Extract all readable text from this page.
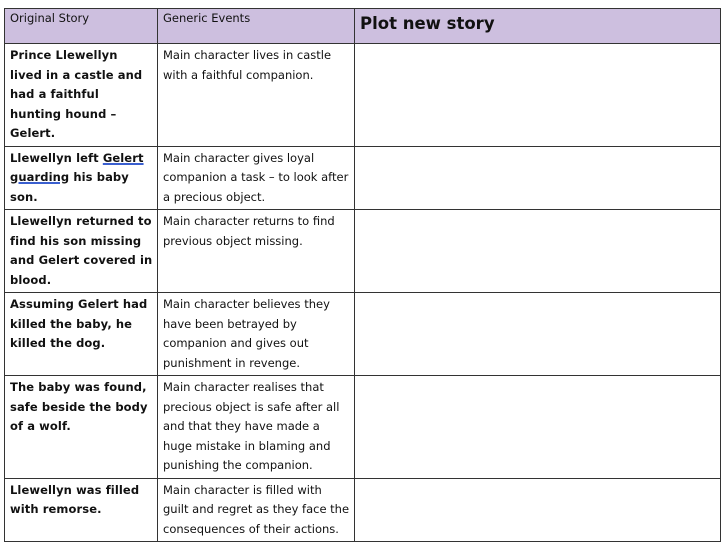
Original Story	Generic Events	Plot new story
Prince Llewellyn lived in a castle and had a faithful hunting hound – Gelert.	Main character lives in castle with a faithful companion.	
Llewellyn left Gelert guarding his baby son.	Main character gives loyal companion a task – to look after a precious object.	
Llewellyn returned to find his son missing and Gelert covered in blood.	Main character returns to find previous object missing.	
Assuming Gelert had killed the baby, he killed the dog.	Main character believes they have been betrayed by companion and gives out punishment in revenge.	
The baby was found, safe beside the body of a wolf.	Main character realises that precious object is safe after all and that they have made a huge mistake in blaming and punishing the companion.	
Llewellyn was filled with remorse.	Main character is filled with guilt and regret as they face the consequences of their actions.	
